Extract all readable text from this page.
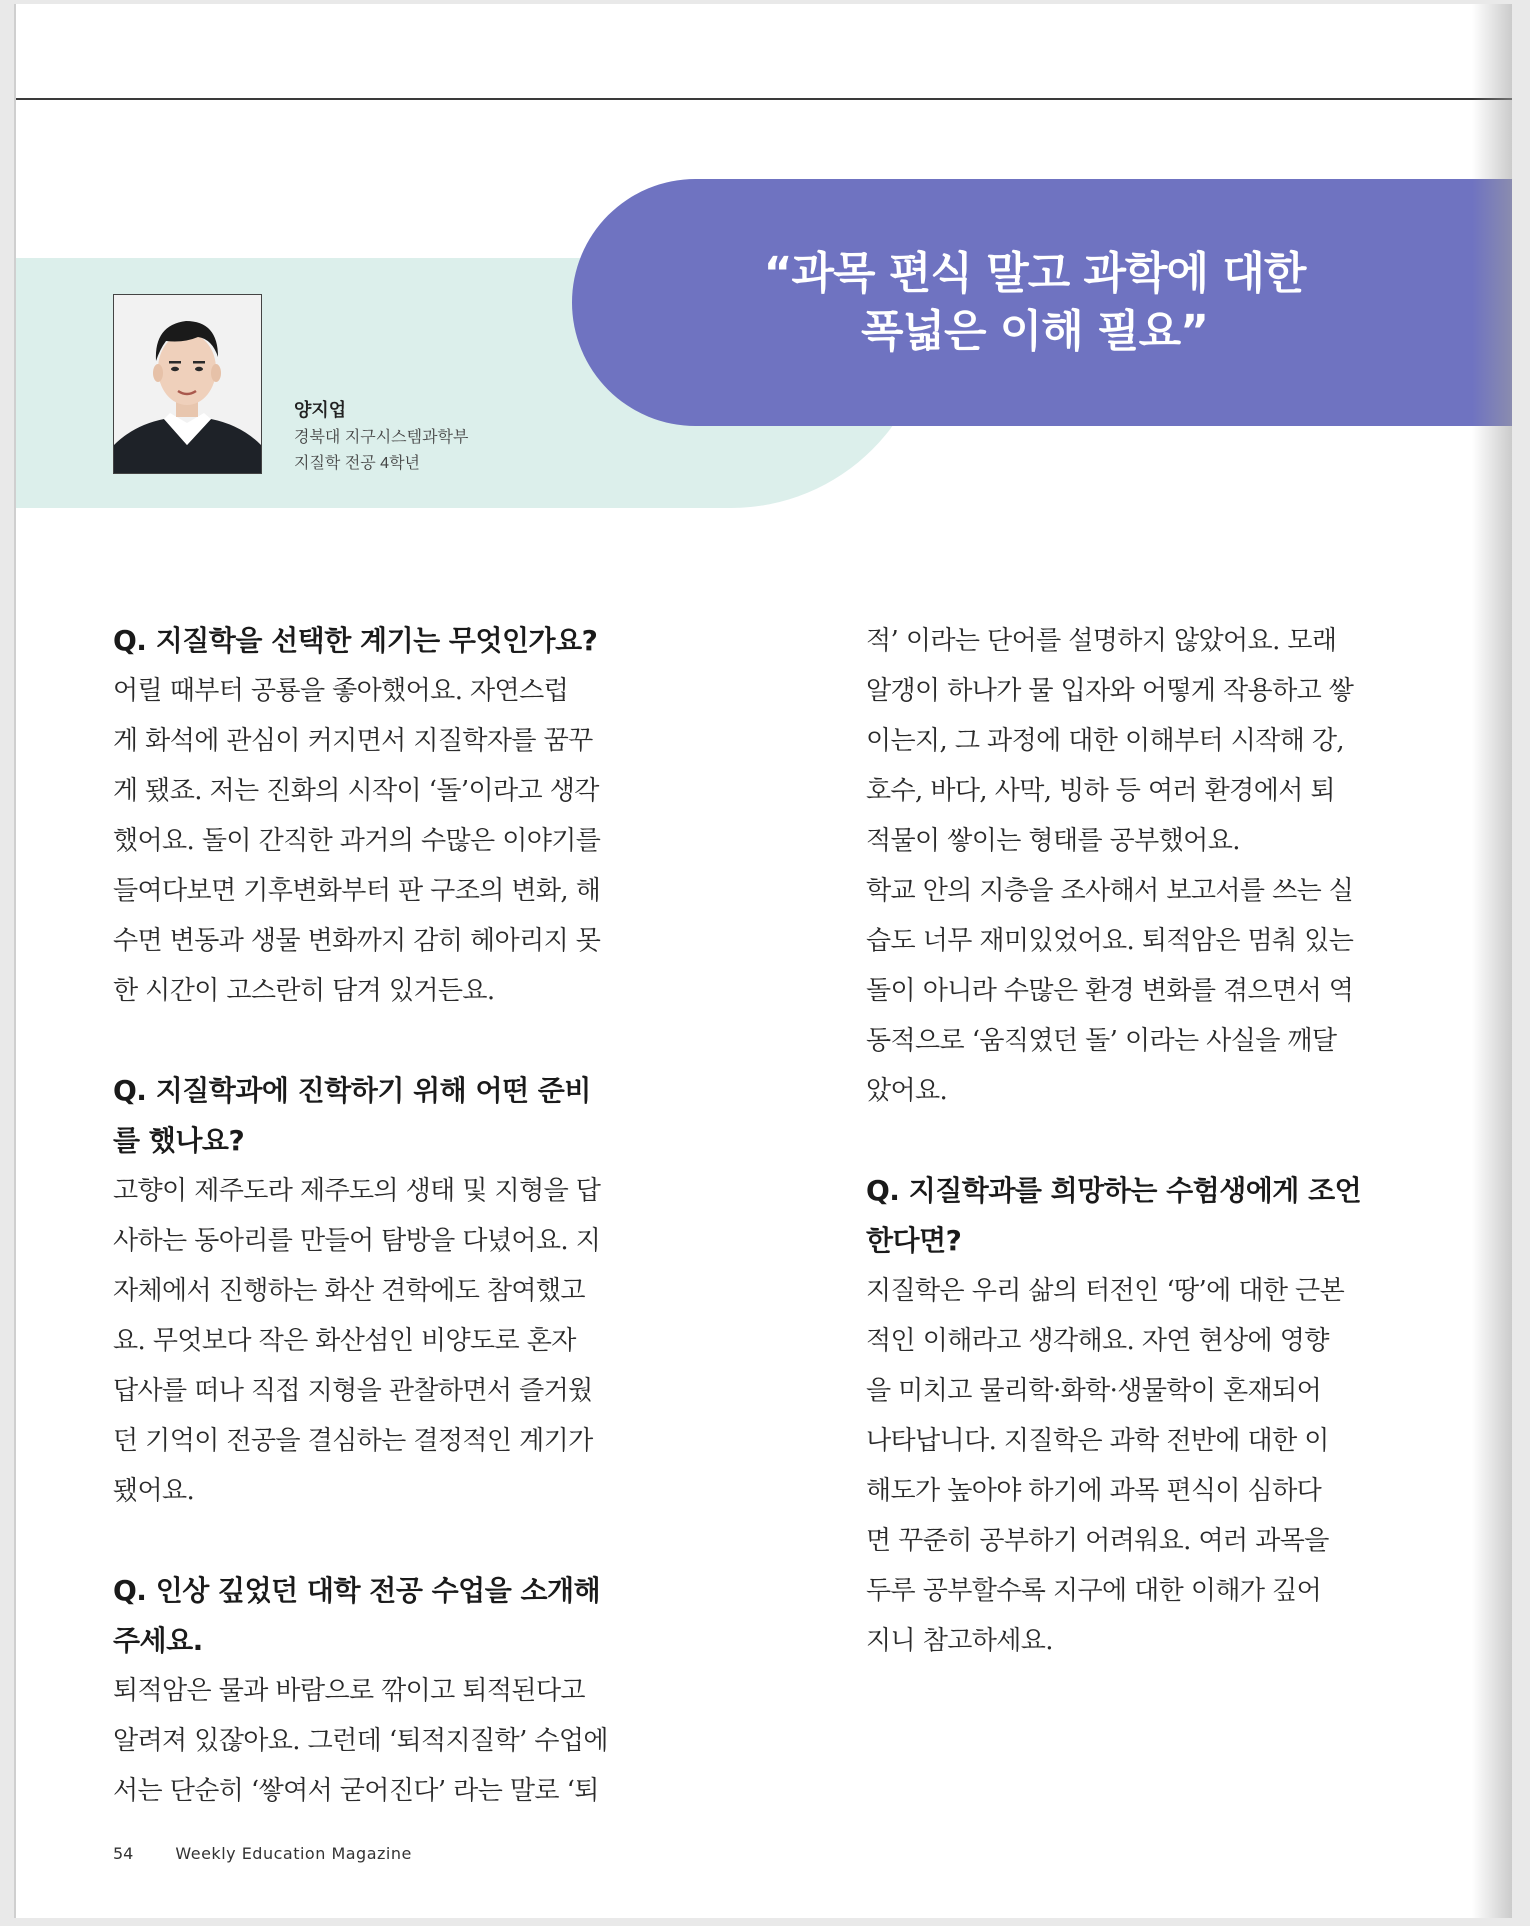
“과목 편식 말고 과학에 대한
폭넓은 이해 필요”
양지업
경북대 지구시스템과학부
지질학 전공 4학년
Q. 지질학을 선택한 계기는 무엇인가요?
어릴 때부터 공룡을 좋아했어요. 자연스럽
게 화석에 관심이 커지면서 지질학자를 꿈꾸
게 됐죠. 저는 진화의 시작이 ‘돌’이라고 생각
했어요. 돌이 간직한 과거의 수많은 이야기를
들여다보면 기후변화부터 판 구조의 변화, 해
수면 변동과 생물 변화까지 감히 헤아리지 못
한 시간이 고스란히 담겨 있거든요.
Q. 지질학과에 진학하기 위해 어떤 준비
를 했나요?
고향이 제주도라 제주도의 생태 및 지형을 답
사하는 동아리를 만들어 탐방을 다녔어요. 지
자체에서 진행하는 화산 견학에도 참여했고
요. 무엇보다 작은 화산섬인 비양도로 혼자
답사를 떠나 직접 지형을 관찰하면서 즐거웠
던 기억이 전공을 결심하는 결정적인 계기가
됐어요.
Q. 인상 깊었던 대학 전공 수업을 소개해
주세요.
퇴적암은 물과 바람으로 깎이고 퇴적된다고
알려져 있잖아요. 그런데 ‘퇴적지질학’ 수업에
서는 단순히 ‘쌓여서 굳어진다’ 라는 말로 ‘퇴
적’ 이라는 단어를 설명하지 않았어요. 모래
알갱이 하나가 물 입자와 어떻게 작용하고 쌓
이는지, 그 과정에 대한 이해부터 시작해 강,
호수, 바다, 사막, 빙하 등 여러 환경에서 퇴
적물이 쌓이는 형태를 공부했어요.
학교 안의 지층을 조사해서 보고서를 쓰는 실
습도 너무 재미있었어요. 퇴적암은 멈춰 있는
돌이 아니라 수많은 환경 변화를 겪으면서 역
동적으로 ‘움직였던 돌’ 이라는 사실을 깨달
았어요.
Q. 지질학과를 희망하는 수험생에게 조언
한다면?
지질학은 우리 삶의 터전인 ‘땅’에 대한 근본
적인 이해라고 생각해요. 자연 현상에 영향
을 미치고 물리학·화학·생물학이 혼재되어
나타납니다. 지질학은 과학 전반에 대한 이
해도가 높아야 하기에 과목 편식이 심하다
면 꾸준히 공부하기 어려워요. 여러 과목을
두루 공부할수록 지구에 대한 이해가 깊어
지니 참고하세요.
54	Weekly Education Magazine
